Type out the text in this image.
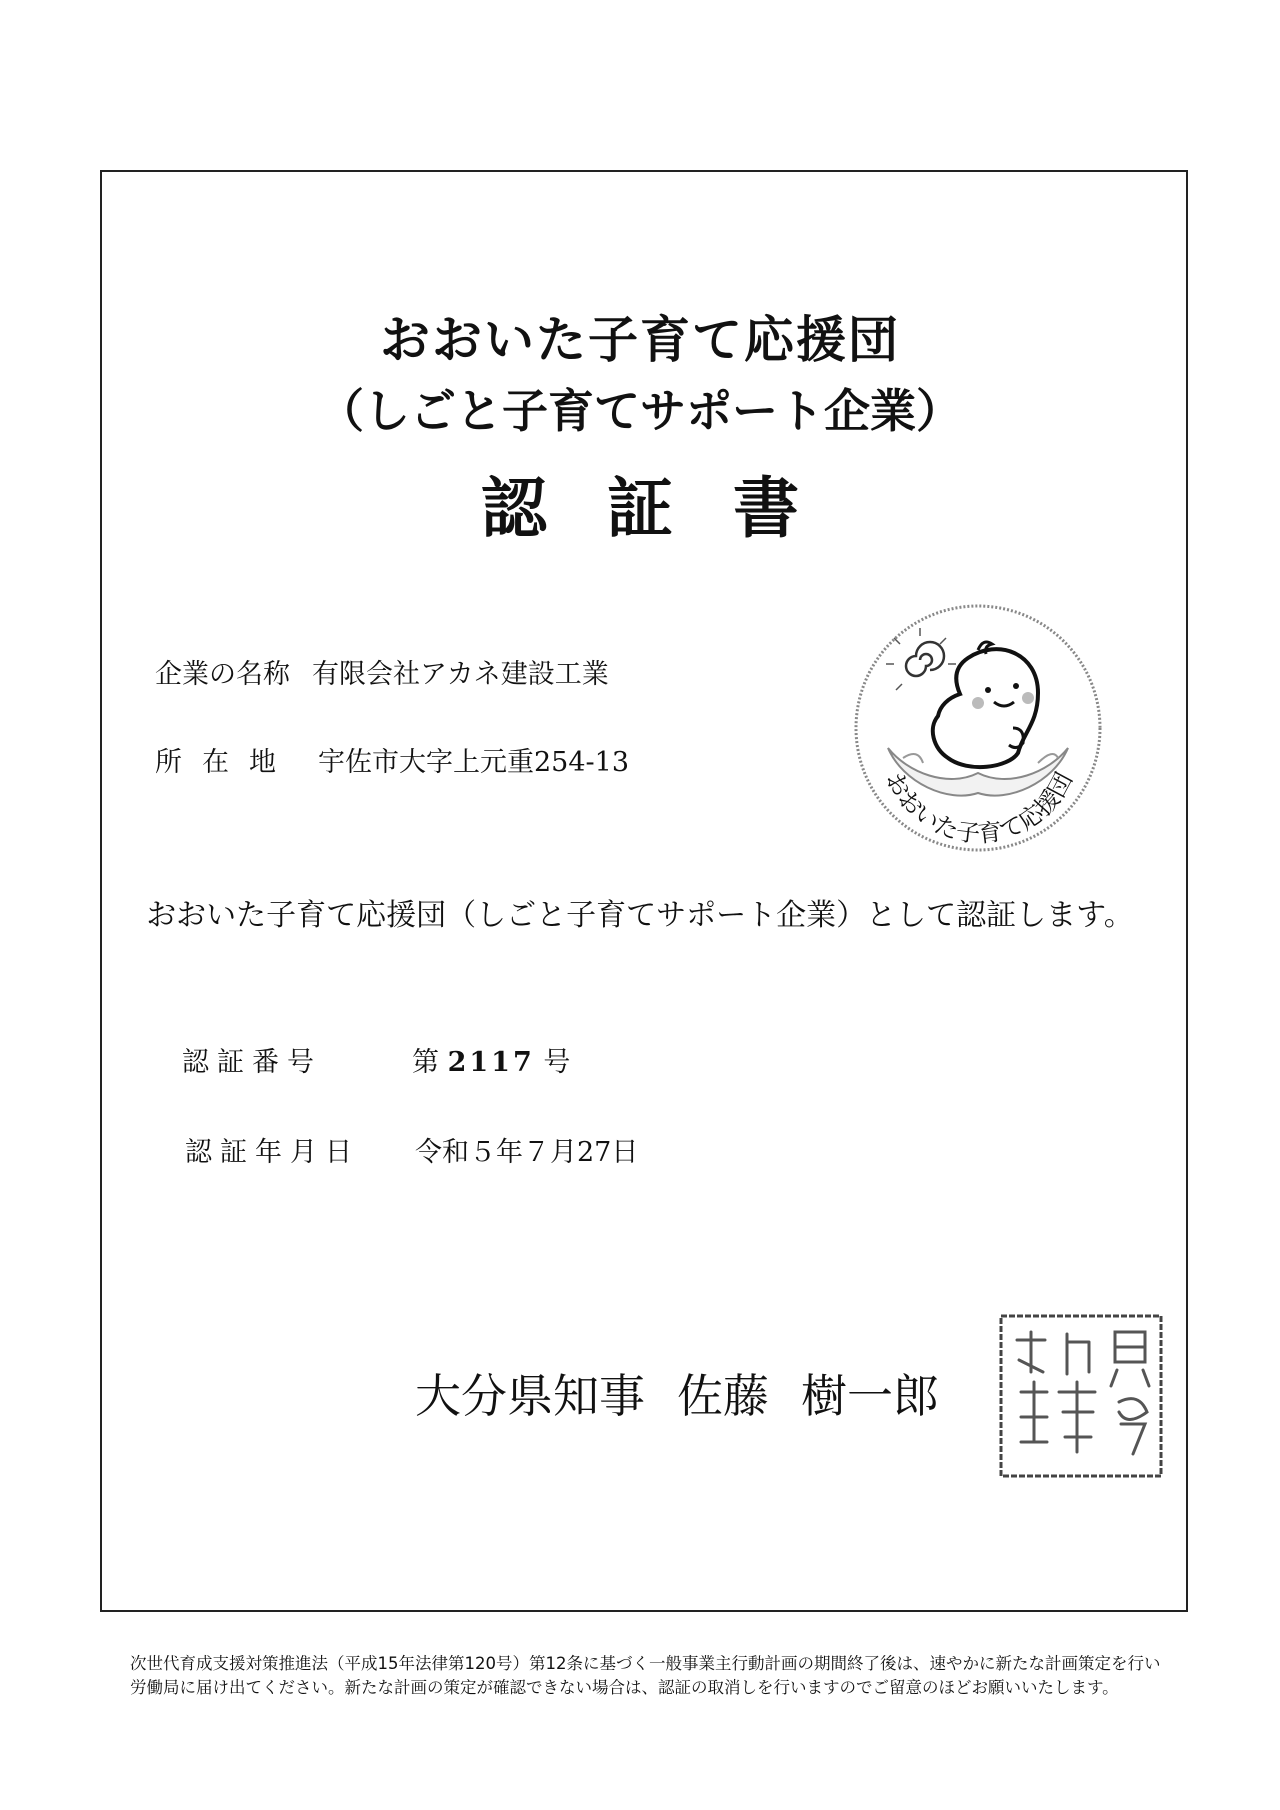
おおいた子育て応援団
（しごと子育てサポート企業）
認証書
企業の名称 有限会社アカネ建設工業
所在地 宇佐市大字上元重254-13
おおいた子育て応援団
おおいた子育て応援団（しごと子育てサポート企業）として認証します。
認証番号	第 2117 号
認証年月日 令和５年７月27日
大分県知事 佐藤 樹一郎
次世代育成支援対策推進法（平成15年法律第120号）第12条に基づく一般事業主行動計画の期間終了後は、速やかに新たな計画策定を行い労働局に届け出てください。新たな計画の策定が確認できない場合は、認証の取消しを行いますのでご留意のほどお願いいたします。
